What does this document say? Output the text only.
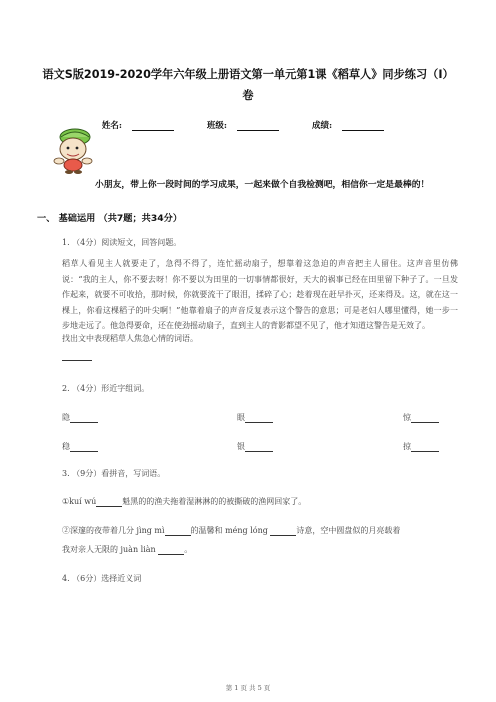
语文S版2019-2020学年六年级上册语文第一单元第1课《稻草人》同步练习（I）
卷
姓名:	班级:	成绩:
小朋友，带上你一段时间的学习成果，一起来做个自我检测吧，相信你一定是最棒的！
一、 基础运用 （共7题；共34分）
1. （4分）阅读短文，回答问题。
稻草人看见主人就要走了，急得不得了，连忙摇动扇子，想靠着这急迫的声音把主人留住。这声音里仿佛说：“我的主人，你不要去呀！你不要以为田里的一切事情都很好，天大的祸事已经在田里留下种子了。一旦发作起来，就要不可收拾，那时候，你就要流干了眼泪，揉碎了心；趁着现在赶早扑灭，还来得及。这，就在这一棵上，你看这棵稻子的叶尖啊！”他靠着扇子的声音反复表示这个警告的意思；可是老妇人哪里懂得，她一步一步地走远了。他急得要命，还在使劲摇动扇子，直到主人的背影都望不见了，他才知道这警告是无效了。
找出文中表现稻草人焦急心情的词语。
2. （4分）形近字组词。
隐	眼	惊
稳	银	掠
3. （9分）看拼音，写词语。
①kuí wú	魁黑的的渔夫拖着湿淋淋的的被撕破的渔网回家了。
②深邃的夜带着几分 jìng mì	的温馨和 méng lóng	诗意，空中圆盘似的月亮载着
我对亲人无限的 juàn liàn	。
4. （6分）选择近义词
第 1 页 共 5 页
